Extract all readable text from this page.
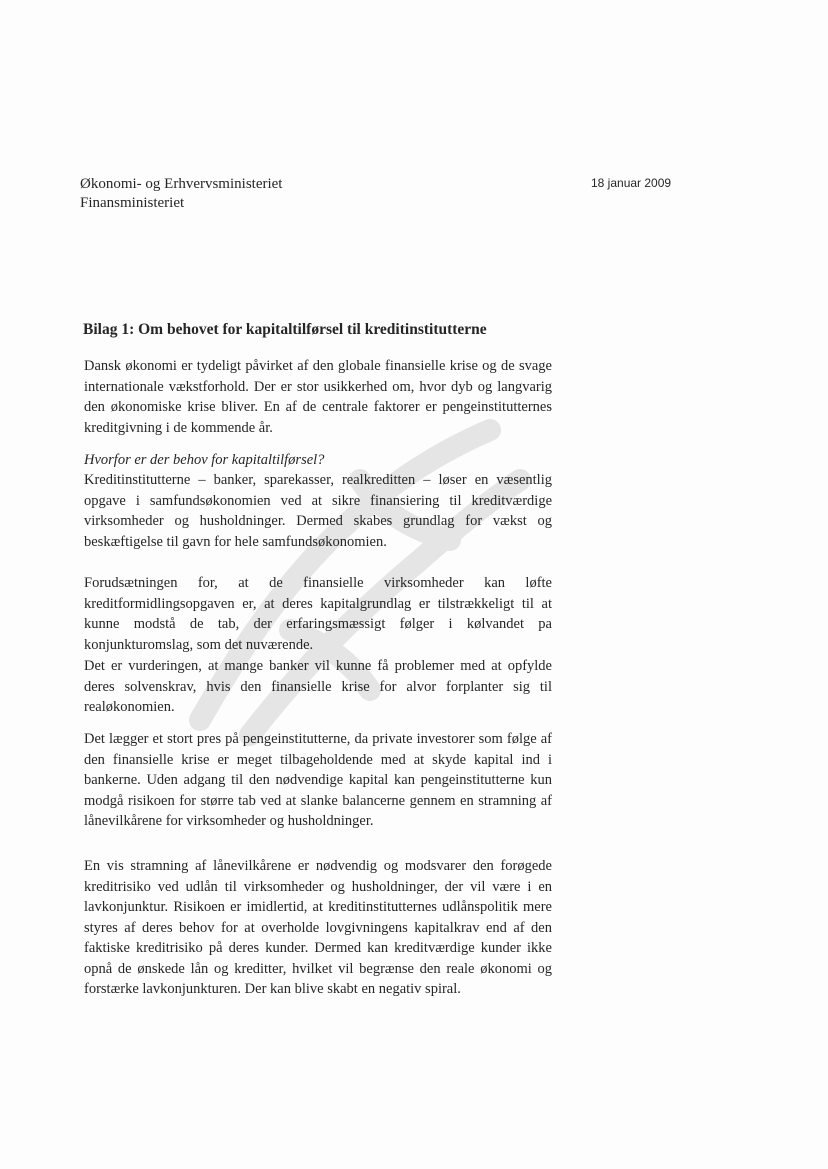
Økonomi- og Erhvervsministeriet
Finansministeriet
18 januar 2009
Bilag 1: Om behovet for kapitaltilførsel til kreditinstitutterne

Dansk økonomi er tydeligt påvirket af den globale finansielle krise og de svage internationale vækstforhold. Der er stor usikkerhed om, hvor dyb og langvarig den økonomiske krise bliver. En af de centrale faktorer er pengeinstitutternes kreditgivning i de kommende år.

Hvorfor er der behov for kapitaltilførsel?

Kreditinstitutterne – banker, sparekasser, realkreditten – løser en væsentlig opgave i samfundsøkonomien ved at sikre finansiering til kreditværdige virksomheder og husholdninger. Dermed skabes grundlag for vækst og beskæftigelse til gavn for hele samfundsøkonomien.

Forudsætningen for, at de finansielle virksomheder kan løfte kreditformidlingsopgaven er, at deres kapitalgrundlag er tilstrækkeligt til at kunne modstå de tab, der erfaringsmæssigt følger i kølvandet pa konjunkturomslag, som det nuværende.

Det er vurderingen, at mange banker vil kunne få problemer med at opfylde deres solvenskrav, hvis den finansielle krise for alvor forplanter sig til realøkonomien.

Det lægger et stort pres på pengeinstitutterne, da private investorer som følge af den finansielle krise er meget tilbageholdende med at skyde kapital ind i bankerne. Uden adgang til den nødvendige kapital kan pengeinstitutterne kun modgå risikoen for større tab ved at slanke balancerne gennem en stramning af lånevilkårene for virksomheder og husholdninger.

En vis stramning af lånevilkårene er nødvendig og modsvarer den forøgede kreditrisiko ved udlån til virksomheder og husholdninger, der vil være i en lavkonjunktur. Risikoen er imidlertid, at kreditinstitutternes udlånspolitik mere styres af deres behov for at overholde lovgivningens kapitalkrav end af den faktiske kreditrisiko på deres kunder. Dermed kan kreditværdige kunder ikke opnå de ønskede lån og kreditter, hvilket vil begrænse den reale økonomi og forstærke lavkonjunkturen. Der kan blive skabt en negativ spiral.
